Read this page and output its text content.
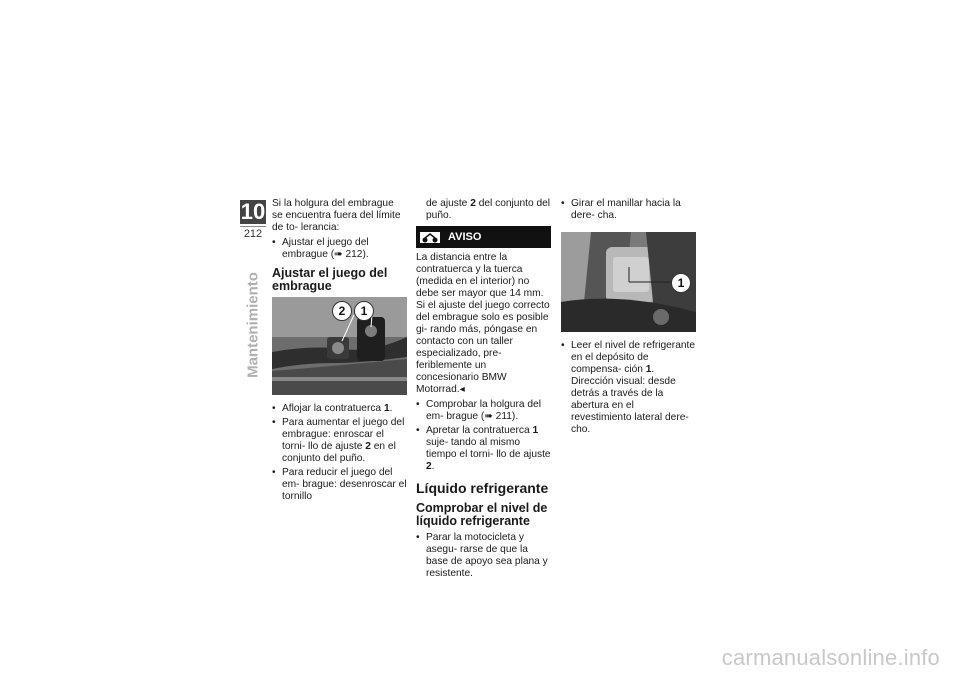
10
212
Mantenimiento

Si la holgura del embrague se encuentra fuera del límite de to- lerancia:

• Ajustar el juego del embrague (➠ 212).
Ajustar el juego del embrague
2	1
• Aflojar la contratuerca 1.
• Para aumentar el juego del embrague: enroscar el torni- llo de ajuste 2 en el conjunto del puño.
• Para reducir el juego del em- brague: desenroscar el tornillo

de ajuste 2 del conjunto del puño.

AVISO

La distancia entre la contratuerca y la tuerca (medida en el interior) no debe ser mayor que 14 mm. Si el ajuste del juego correcto del embrague solo es posible gi- rando más, póngase en contacto con un taller especializado, pre- feriblemente un concesionario BMW Motorrad.◂

• Comprobar la holgura del em- brague (➠ 211).
• Apretar la contratuerca 1 suje- tando al mismo tiempo el torni- llo de ajuste 2.
Líquido refrigerante
Comprobar el nivel de líquido refrigerante
• Parar la motocicleta y asegu- rarse de que la base de apoyo sea plana y resistente.
• Girar el manillar hacia la dere- cha.
1
• Leer el nivel de refrigerante en el depósito de compensa- ción 1. Dirección visual: desde detrás a través de la abertura en el revestimiento lateral dere- cho.
carmanualsonline.info
